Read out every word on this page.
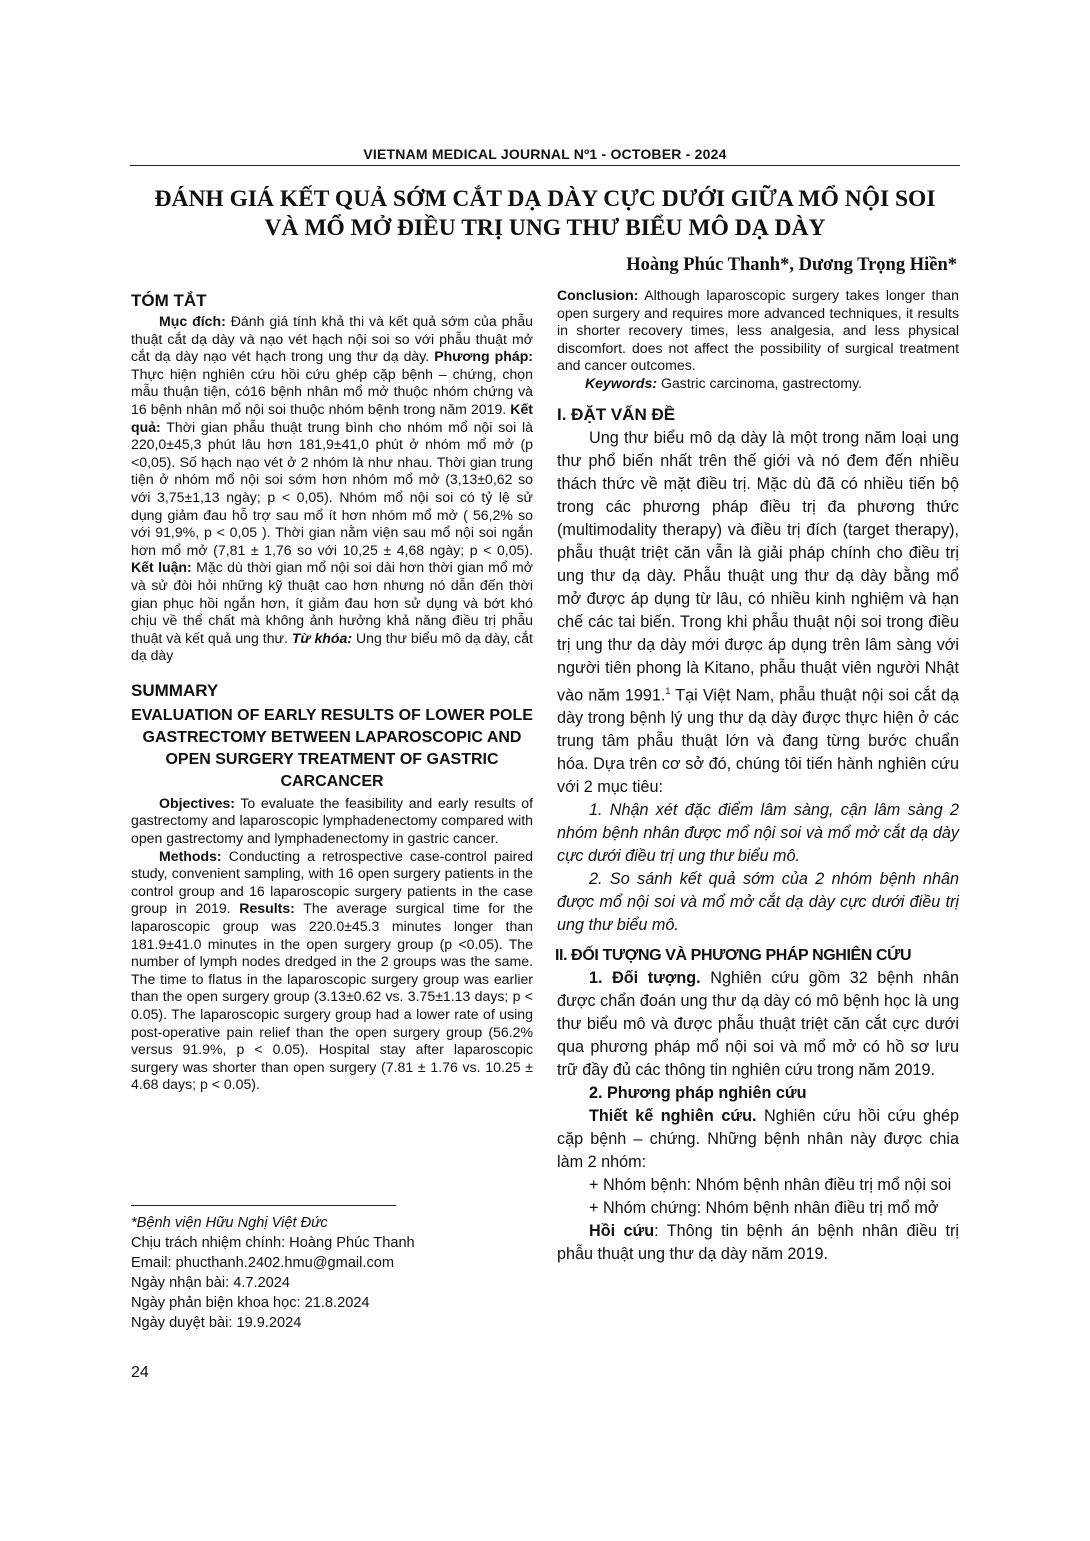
VIETNAM MEDICAL JOURNAL Nº1 - OCTOBER - 2024
ĐÁNH GIÁ KẾT QUẢ SỚM CẮT DẠ DÀY CỰC DƯỚI GIỮA MỔ NỘI SOI
VÀ MỔ MỞ ĐIỀU TRỊ UNG THƯ BIỂU MÔ DẠ DÀY
Hoàng Phúc Thanh*, Dương Trọng Hiền*
TÓM TẮT

Mục đích: Đánh giá tính khả thi và kết quả sớm của phẫu thuật cắt dạ dày và nạo vét hạch nội soi so với phẫu thuật mở cắt dạ dày nạo vét hạch trong ung thư dạ dày. Phương pháp: Thực hiện nghiên cứu hồi cứu ghép cặp bệnh – chứng, chọn mẫu thuận tiện, có16 bệnh nhân mổ mở thuộc nhóm chứng và 16 bệnh nhân mổ nội soi thuộc nhóm bệnh trong năm 2019. Kết quả: Thời gian phẫu thuật trung bình cho nhóm mổ nội soi là 220,0±45,3 phút lâu hơn 181,9±41,0 phút ở nhóm mổ mở (p <0,05). Số hạch nạo vét ở 2 nhóm là như nhau. Thời gian trung tiện ở nhóm mổ nội soi sớm hơn nhóm mổ mở (3,13±0,62 so với 3,75±1,13 ngày; p < 0,05). Nhóm mổ nội soi có tỷ lệ sử dụng giảm đau hỗ trợ sau mổ ít hơn nhóm mổ mở ( 56,2% so với 91,9%, p < 0,05 ). Thời gian nằm viện sau mổ nội soi ngắn hơn mổ mở (7,81 ± 1,76 so với 10,25 ± 4,68 ngày; p < 0,05). Kết luận: Mặc dù thời gian mổ nội soi dài hơn thời gian mổ mở và sử đòi hỏi những kỹ thuật cao hơn nhưng nó dẫn đến thời gian phục hồi ngắn hơn, ít giảm đau hơn sử dụng và bớt khó chịu về thể chất mà không ảnh hưởng khả năng điều trị phẫu thuật và kết quả ung thư. Từ khóa: Ung thư biểu mô dạ dày, cắt dạ dày

SUMMARY
EVALUATION OF EARLY RESULTS OF LOWER POLE GASTRECTOMY BETWEEN LAPAROSCOPIC AND OPEN SURGERY TREATMENT OF GASTRIC CARCANCER

Objectives: To evaluate the feasibility and early results of gastrectomy and laparoscopic lymphadenectomy compared with open gastrectomy and lymphadenectomy in gastric cancer.

Methods: Conducting a retrospective case-control paired study, convenient sampling, with 16 open surgery patients in the control group and 16 laparoscopic surgery patients in the case group in 2019. Results: The average surgical time for the laparoscopic group was 220.0±45.3 minutes longer than 181.9±41.0 minutes in the open surgery group (p <0.05). The number of lymph nodes dredged in the 2 groups was the same. The time to flatus in the laparoscopic surgery group was earlier than the open surgery group (3.13±0.62 vs. 3.75±1.13 days; p < 0.05). The laparoscopic surgery group had a lower rate of using post-operative pain relief than the open surgery group (56.2% versus 91.9%, p < 0.05). Hospital stay after laparoscopic surgery was shorter than open surgery (7.81 ± 1.76 vs. 10.25 ± 4.68 days; p < 0.05).

*Bệnh viện Hữu Nghị Việt Đức

Chịu trách nhiệm chính: Hoàng Phúc Thanh

Email: phucthanh.2402.hmu@gmail.com

Ngày nhận bài: 4.7.2024

Ngày phản biện khoa học: 21.8.2024

Ngày duyệt bài: 19.9.2024

24

Conclusion: Although laparoscopic surgery takes longer than open surgery and requires more advanced techniques, it results in shorter recovery times, less analgesia, and less physical discomfort. does not affect the possibility of surgical treatment and cancer outcomes.

Keywords: Gastric carcinoma, gastrectomy.

I. ĐẶT VẤN ĐỀ

Ung thư biểu mô dạ dày là một trong năm loại ung thư phổ biến nhất trên thế giới và nó đem đến nhiều thách thức về mặt điều trị. Mặc dù đã có nhiều tiến bộ trong các phương pháp điều trị đa phương thức (multimodality therapy) và điều trị đích (target therapy), phẫu thuật triệt căn vẫn là giải pháp chính cho điều trị ung thư dạ dày. Phẫu thuật ung thư dạ dày bằng mổ mở được áp dụng từ lâu, có nhiều kinh nghiệm và hạn chế các tai biến. Trong khi phẫu thuật nội soi trong điều trị ung thư dạ dày mới được áp dụng trên lâm sàng với người tiên phong là Kitano, phẫu thuật viên người Nhật vào năm 1991.$^1$ Tại Việt Nam, phẫu thuật nội soi cắt dạ dày trong bệnh lý ung thư dạ dày được thực hiện ở các trung tâm phẫu thuật lớn và đang từng bước chuẩn hóa. Dựa trên cơ sở đó, chúng tôi tiến hành nghiên cứu với 2 mục tiêu:

1. Nhận xét đặc điểm lâm sàng, cận lâm sàng 2 nhóm bệnh nhân được mổ nội soi và mổ mở cắt dạ dày cực dưới điều trị ung thư biểu mô.

2. So sánh kết quả sớm của 2 nhóm bệnh nhân được mổ nội soi và mổ mở cắt dạ dày cực dưới điều trị ung thư biểu mô.

II. ĐỐI TƯỢNG VÀ PHƯƠNG PHÁP NGHIÊN CỨU

1. Đối tượng. Nghiên cứu gồm 32 bệnh nhân được chẩn đoán ung thư dạ dày có mô bệnh học là ung thư biểu mô và được phẫu thuật triệt căn cắt cực dưới qua phương pháp mổ nội soi và mổ mở có hồ sơ lưu trữ đầy đủ các thông tin nghiên cứu trong năm 2019.

2. Phương pháp nghiên cứu

Thiết kế nghiên cứu. Nghiên cứu hồi cứu ghép cặp bệnh – chứng. Những bệnh nhân này được chia làm 2 nhóm:

+ Nhóm bệnh: Nhóm bệnh nhân điều trị mổ nội soi

+ Nhóm chứng: Nhóm bệnh nhân điều trị mổ mở

Hồi cứu: Thông tin bệnh án bệnh nhân điều trị phẫu thuật ung thư dạ dày năm 2019.
